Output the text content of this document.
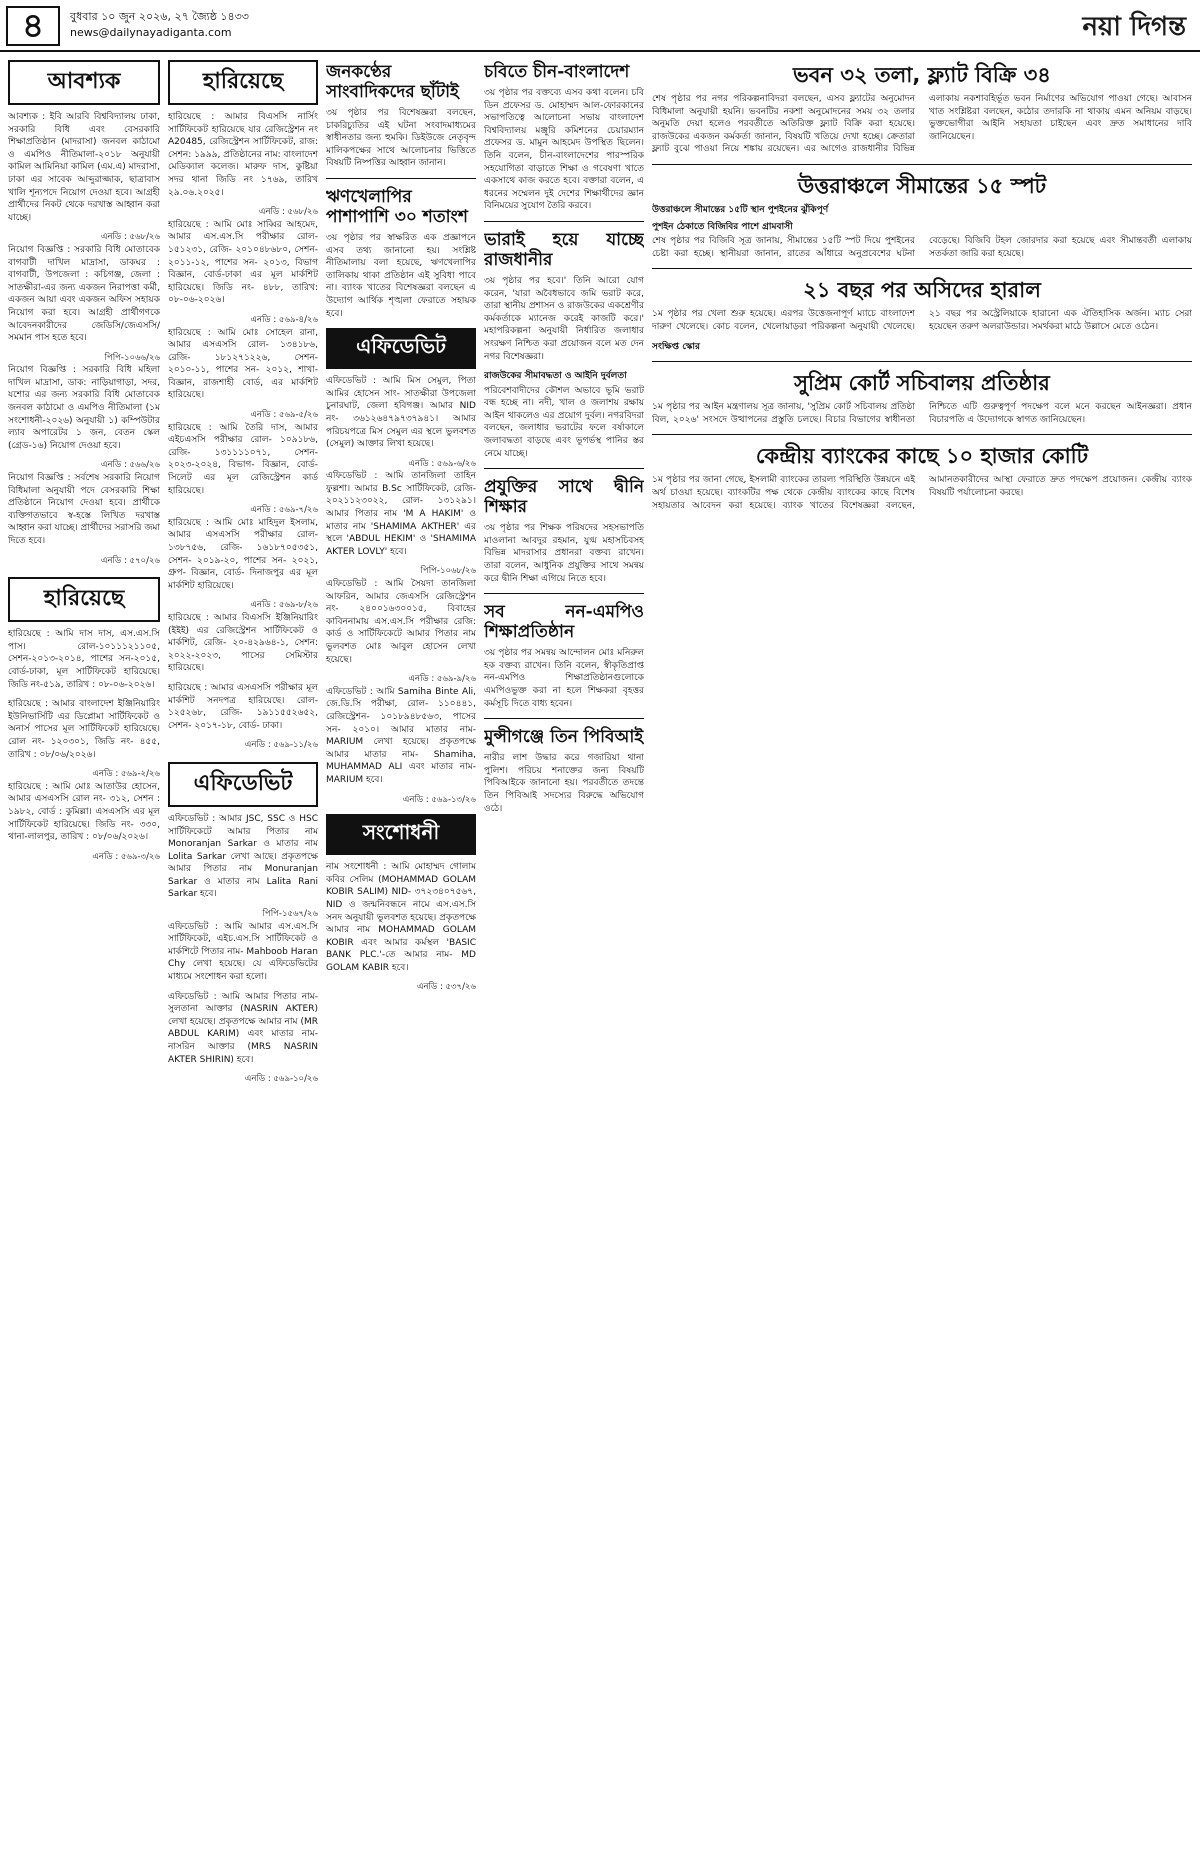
৪	বুধবার ১০ জুন ২০২৬, ২৭ জ্যৈষ্ঠ ১৪৩৩
news@dailynayadiganta.com	নয়া দিগন্ত
আবশ্যক
আবশ্যক : ইবি আরবি বিশ্ববিদ্যালয় ঢাকা, সরকারি বিধি এবং বেসরকারি শিক্ষাপ্রতিষ্ঠান (মাদরাসা) জনবল কাঠামো ও এমপিও নীতিমালা-২০১৮ অনুযায়ী কামিল আমিনিয়া কামিল (এম.এ) মাদরাসা, ঢাকা এর সাবেক আব্দুরাজ্জাক, ছাত্রাবাস খালি শূন্যপদে নিয়োগ দেওয়া হবে। আগ্রহী প্রার্থীদের নিকট থেকে দরখাস্ত আহ্বান করা যাচ্ছে।
এনডি : ৫৬৮/২৬
নিয়োগ বিজ্ঞপ্তি : সরকারি বিধি মোতাবেক বাগবাটী দাখিল মাদ্রাসা, ডাকঘর : বাগবাটী, উপজেলা : কচিগঞ্জ, জেলা : সাতক্ষীরা-এর জন্য একজন নিরাপত্তা কর্মী, একজন আয়া এবং একজন অফিস সহায়ক নিয়োগ করা হবে। আগ্রহী প্রার্থীগণকে আবেদনকারীদের জেডিসি/জেএসসি/সমমান পাস হতে হবে।
পিপি-১০৬৬/২৬
নিয়োগ বিজ্ঞপ্তি : সরকারি বিধি মহিলা দাখিল মাদ্রাসা, ডাক: নাড়িয়াগাড়া, সদর, যশোর এর জন্য সরকারি বিধি মোতাবেক জনবল কাঠামো ও এমপিও নীতিমালা (১ম সংশোধনী-২০২৬) অনুযায়ী ১) কম্পিউটার ল্যাব অপারেটর ১ জন, বেতন স্কেল (গ্রেড-১৬) নিয়োগ দেওয়া হবে।
এনডি : ৫৬৬/২৬
নিয়োগ বিজ্ঞপ্তি : সর্বশেষ সরকারি নিয়োগ বিধিমালা অনুযায়ী পদে বেসরকারি শিক্ষা প্রতিষ্ঠানে নিয়োগ দেওয়া হবে। প্রার্থীকে ব্যক্তিগতভাবে স্ব-হস্তে লিখিত দরখাস্ত আহ্বান করা যাচ্ছে। প্রার্থীদের সরাসরি জমা দিতে হবে।
এনডি : ৫৭০/২৬
হারিয়েছে
হারিয়েছে : আমি দাস দাস, এস.এস.সি পাস। রোল-১০১১১২১১০৫, সেশন-২০১৩-২০১৪, পাশের সন-২০১৫, বোর্ড-ঢাকা, মূল সার্টিফিকেট হারিয়েছে। জিডি নং-৫১৯, তারিখ : ০৮-০৬-২০২৬।
হারিয়েছে : আমার বাংলাদেশ ইঞ্জিনিয়ারিং ইউনিভার্সিটি এর ডিপ্লোমা সার্টিফিকেট ও অনার্স পাসের মূল সার্টিফিকেট হারিয়েছে। রোল নং- ১২০৩০১, জিডি নং- ৪৫৫, তারিখ : ০৮/০৬/২০২৬।
এনডি : ৫৬৯-২/২৬
হারিয়েছে : আমি মোঃ আতাউর হোসেন, আমার এসএসসি রোল নং- ৩১২, সেশন : ১৯৮২, বোর্ড : কুমিল্লা। এসএসসি এর মূল সার্টিফিকেট হারিয়েছে। জিডি নং- ৩৩০, থানা-লালপুর, তারিখ : ০৮/০৬/২০২৬।
এনডি : ৫৬৯-৩/২৬
হারিয়েছে
হারিয়েছে : আমার বিএসসি নার্সিং সার্টিফিকেট হারিয়েছে যার রেজিস্ট্রেশন নং A20485, রেজিস্ট্রেশন সার্টিফিকেট, রাজ: সেশন: ১৯৯৯, প্রতিষ্ঠানের নাম: বাংলাদেশ মেডিক্যাল কলেজ। মারুফ দাস, কুষ্টিয়া সদর থানা জিডি নং ১৭৬৯, তারিখ ২৯.০৬.২০২৫।
এনডি : ৫৬৮/২৬
হারিয়েছে : আমি মোঃ সাব্বির আহমেদ, আমার এস.এস.সি পরীক্ষার রোল- ১৫১২৩১, রেজি- ২০১০৪৮৬৮০, সেশন- ২০১১-১২, পাশের সন- ২০১৩, বিভাগ বিজ্ঞান, বোর্ড-ঢাকা এর মূল মার্কশিট হারিয়েছে। জিডি নং- ৪৮৮, তারিখ: ০৮-০৬-২০২৬।
এনডি : ৫৬৯-৪/২৬
হারিয়েছে : আমি মোঃ সোহেল রানা, আমার এসএসসি রোল- ১৩৪১৮৬, রেজি- ১৮১২৭১২২৬, সেশন- ২০১০-১১, পাশের সন- ২০১২, শাখা- বিজ্ঞান, রাজশাহী বোর্ড, এর মার্কশিট হারিয়েছে।
এনডি : ৫৬৯-৫/২৬
হারিয়েছে : আমি তৈরি দাস, আমার এইচএসসি পরীক্ষার রোল- ১০৯১৮৬, রেজি- ১৩১১১১০৭১, সেশন- ২০২৩-২০২৪, বিভাগ- বিজ্ঞান, বোর্ড- সিলেট এর মূল রেজিস্ট্রেশন কার্ড হারিয়েছে।
এনডি : ৫৬৯-৭/২৬
হারিয়েছে : আমি মোঃ মাহিদুল ইসলাম, আমার এসএসসি পরীক্ষার রোল- ১৩৮৭৫৬, রেজি- ১৬১৮৭০৫৩৫১, সেশন- ২০১৯-২০, পাশের সন- ২০২১, গ্রুপ- বিজ্ঞান, বোর্ড- দিনাজপুর এর মূল মার্কশিট হারিয়েছে।
এনডি : ৫৬৯-৮/২৬
হারিয়েছে : আমার বিএসসি ইঞ্জিনিয়ারিং (ইইই) এর রেজিস্ট্রেশন সার্টিফিকেট ও মার্কশিট, রেজি- ২০-৪২৯৬৪-১, সেশন: ২০২২-২০২৩, পাসের সেমিস্টার হারিয়েছে।
হারিয়েছে : আমার এসএসসি পরীক্ষার মূল মার্কশিট সনদপত্র হারিয়েছে। রোল- ১২৫২৬৮, রেজি- ১৯১১৫৫২৬৫২, সেশন- ২০১৭-১৮, বোর্ড- ঢাকা।
এনডি : ৫৬৯-১১/২৬
এফিডেভিট
এফিডেভিট : আমার JSC, SSC ও HSC সার্টিফিকেটে আমার পিতার নাম Monoranjan Sarkar ও মাতার নাম Lolita Sarkar লেখা আছে। প্রকৃতপক্ষে আমার পিতার নাম Monuranjan Sarkar ও মাতার নাম Lalita Rani Sarkar হবে।
পিপি-১৫৬৭/২৬
এফিডেভিট : আমি আমার এস.এস.সি সার্টিফিকেট, এইচ.এস.সি সার্টিফিকেট ও মার্কশিটে পিতার নাম- Mahboob Haran Chy লেখা হয়েছে। যে এফিডেভিটের মাধ্যমে সংশোধন করা হলো।
এফিডেভিট : আমি আমার পিতার নাম- সুলতানা আক্তার (NASRIN AKTER) লেখা হয়েছে। প্রকৃতপক্ষে আমার নাম (MR ABDUL KARIM) এবং মাতার নাম- নাসরিন আক্তার (MRS NASRIN AKTER SHIRIN) হবে।
এনডি : ৫৬৯-১০/২৬
জনকণ্ঠের সাংবাদিকদের ছাঁটাই
৩য় পৃষ্ঠার পর বিশেষজ্ঞরা বলছেন, চাকরিচ্যুতির এই ঘটনা সংবাদমাধ্যমের স্বাধীনতার জন্য হুমকি। ডিইউজে নেতৃবৃন্দ মালিকপক্ষের সাথে আলোচনার ভিত্তিতে বিষয়টি নিষ্পত্তির আহ্বান জানান।
ঋণখেলাপির পাশাপাশি ৩০ শতাংশ
৩য় পৃষ্ঠার পর স্বাক্ষরিত এক প্রজ্ঞাপনে এসব তথ্য জানানো হয়। সংশ্লিষ্ট নীতিমালায় বলা হয়েছে, ঋণখেলাপির তালিকায় থাকা প্রতিষ্ঠান এই সুবিধা পাবে না। ব্যাংক খাতের বিশেষজ্ঞরা বলছেন এ উদ্যোগ আর্থিক শৃঙ্খলা ফেরাতে সহায়ক হবে।
এফিডেভিট
এফিডেভিট : আমি মিস সেমুল, পিতা আমির হোসেন সাং- সাতক্ষীরা উপজেলা চুনারঘাট, জেলা হবিগঞ্জ। আমার NID নং- ৩৬১২৬৪৭৯৭৩৭৯৪১। আমার পরিচয়পত্রে মিস সেমুল এর স্থলে ভুলবশত (সেমুল) আক্তার লিখা হয়েছে।
এনডি : ৫৬৯-৬/২৬
এফিডেভিট : আমি তানজিলা তাহিন ফুল্লশা। আমার B.Sc সার্টিফিকেট, রেজি- ২০২১১২৩০২২, রোল- ১৩১২৯১। আমার পিতার নাম 'M A HAKIM' ও মাতার নাম 'SHAMIMA AKTHER' এর স্থলে 'ABDUL HEKIM' ও 'SHAMIMA AKTER LOVLY' হবে।
পিপি-১০৬৮/২৬
এফিডেভিট : আমি সৈয়দা তানজিলা আফরিন, আমার জেএসসি রেজিস্ট্রেশন নং- ২৪০০১৬৩০০১৫, বিবাহের কাবিননামায় এস.এস.সি পরীক্ষার রেজি: কার্ড ও সার্টিফিকেটে আমার পিতার নাম ভুলবশত মোঃ আবুল হোসেন লেখা হয়েছে।
এনডি : ৫৬৯-৯/২৬
এফিডেভিট : আমি Samiha Binte Ali, জে.ডি.সি পরীক্ষা, রোল- ১১০৪৪১, রেজিস্ট্রেশন- ১০১৮৯৪৮৫৬৩, পাসের সন- ২০১০। আমার মাতার নাম- MARIUM লেখা হয়েছে। প্রকৃতপক্ষে আমার মাতার নাম- Shamiha, MUHAMMAD ALI এবং মাতার নাম- MARIUM হবে।
এনডি : ৫৬৯-১৩/২৬
সংশোধনী
নাম সংশোধনী : আমি মোহাম্মদ গোলাম কবির সেলিম (MOHAMMAD GOLAM KOBIR SALIM) NID- ৩৭২৩৪০৭৫৬৭, NID ও জন্মনিবন্ধনে নামে এস.এস.সি সনদ অনুযায়ী ভুলবশত হয়েছে। প্রকৃতপক্ষে আমার নাম MOHAMMAD GOLAM KOBIR এবং আমার কর্মস্থল 'BASIC BANK PLC.'-তে আমার নাম- MD GOLAM KABIR হবে।
এনডি : ৫৩৭/২৬
চবিতে চীন-বাংলাদেশ
৩য় পৃষ্ঠার পর বক্তব্যে এসব কথা বলেন। চবি ডিন প্রফেসর ড. মোহাম্মদ আল-ফোরকানের সভাপতিত্বে আলোচনা সভায় বাংলাদেশ বিশ্ববিদ্যালয় মঞ্জুরি কমিশনের চেয়ারম্যান প্রফেসর ড. মামুন আহমেদ উপস্থিত ছিলেন। তিনি বলেন, চীন-বাংলাদেশের পারস্পরিক সহযোগিতা বাড়াতে শিক্ষা ও গবেষণা খাতে একসাথে কাজ করতে হবে। বক্তারা বলেন, এ ধরনের সম্মেলন দুই দেশের শিক্ষার্থীদের জ্ঞান বিনিময়ের সুযোগ তৈরি করবে।
ভারাই হয়ে যাচ্ছে রাজধানীর
৩য় পৃষ্ঠার পর হবে।' তিনি আরো যোগ করেন, 'যারা অবৈধভাবে জমি ভরাট করে, তারা স্থানীয় প্রশাসন ও রাজউকের একশ্রেণীর কর্মকর্তাকে ম্যানেজ করেই কাজটি করে।' মহাপরিকল্পনা অনুযায়ী নির্ধারিত জলাধার সংরক্ষণ নিশ্চিত করা প্রয়োজন বলে মত দেন নগর বিশেষজ্ঞরা।
রাজউকের সীমাবদ্ধতা ও আইনি দুর্বলতা
পরিবেশবাদীদের কৌশল অভাবে ভূমি ভরাট বন্ধ হচ্ছে না। নদী, খাল ও জলাশয় রক্ষায় আইন থাকলেও এর প্রয়োগ দুর্বল। নগরবিদরা বলছেন, জলাধার ভরাটের ফলে বর্ষাকালে জলাবদ্ধতা বাড়ছে এবং ভূগর্ভস্থ পানির স্তর নেমে যাচ্ছে।
প্রযুক্তির সাথে দ্বীনি শিক্ষার
৩য় পৃষ্ঠার পর শিক্ষক পরিষদের সহসভাপতি মাওলানা আবদুর রহমান, যুগ্ম মহাসচিবসহ বিভিন্ন মাদরাসার প্রধানরা বক্তব্য রাখেন। তারা বলেন, আধুনিক প্রযুক্তির সাথে সমন্বয় করে দ্বীনি শিক্ষা এগিয়ে নিতে হবে।
সব নন-এমপিও শিক্ষাপ্রতিষ্ঠান
৩য় পৃষ্ঠার পর সমন্বয় আন্দোলন মোঃ মনিরুল হক বক্তব্য রাখেন। তিনি বলেন, স্বীকৃতিপ্রাপ্ত নন-এমপিও শিক্ষাপ্রতিষ্ঠানগুলোকে এমপিওভুক্ত করা না হলে শিক্ষকরা বৃহত্তর কর্মসূচি দিতে বাধ্য হবেন।
মুন্সীগঞ্জে তিন পিবিআই
নারীর লাশ উদ্ধার করে গজারিয়া থানা পুলিশ। পরিচয় শনাক্তের জন্য বিষয়টি পিবিআইকে জানানো হয়। পরবর্তীতে তদন্তে তিন পিবিআই সদস্যের বিরুদ্ধে অভিযোগ ওঠে।
ভবন ৩২ তলা, ফ্ল্যাট বিক্রি ৩৪
শেষ পৃষ্ঠার পর নগর পরিকল্পনাবিদরা বলছেন, এসব ফ্ল্যাটের অনুমোদন বিধিমালা অনুযায়ী হয়নি। ভবনটির নকশা অনুমোদনের সময় ৩২ তলার অনুমতি দেয়া হলেও পরবর্তীতে অতিরিক্ত ফ্ল্যাট বিক্রি করা হয়েছে। রাজউকের একজন কর্মকর্তা জানান, বিষয়টি খতিয়ে দেখা হচ্ছে। ক্রেতারা ফ্ল্যাট বুঝে পাওয়া নিয়ে শঙ্কায় রয়েছেন। এর আগেও রাজধানীর বিভিন্ন এলাকায় নকশাবহির্ভূত ভবন নির্মাণের অভিযোগ পাওয়া গেছে। আবাসন খাত সংশ্লিষ্টরা বলছেন, কঠোর তদারকি না থাকায় এমন অনিয়ম বাড়ছে। ভুক্তভোগীরা আইনি সহায়তা চাইছেন এবং দ্রুত সমাধানের দাবি জানিয়েছেন।
উত্তরাঞ্চলে সীমান্তের ১৫ স্পট
উত্তরাঞ্চলে সীমান্তের ১৫টি স্থান পুশইনের ঝুঁকিপূর্ণ
পুশইন ঠেকাতে বিজিবির পাশে গ্রামবাসী
শেষ পৃষ্ঠার পর বিজিবি সূত্র জানায়, সীমান্তের ১৫টি স্পট দিয়ে পুশইনের চেষ্টা করা হচ্ছে। স্থানীয়রা জানান, রাতের আঁধারে অনুপ্রবেশের ঘটনা বেড়েছে। বিজিবি টহল জোরদার করা হয়েছে এবং সীমান্তবর্তী এলাকায় সতর্কতা জারি করা হয়েছে।
২১ বছর পর অসিদের হারাল
১ম পৃষ্ঠার পর খেলা শুরু হয়েছে। এরপর উত্তেজনাপূর্ণ ম্যাচে বাংলাদেশ দারুণ খেলেছে। কোচ বলেন, খেলোয়াড়রা পরিকল্পনা অনুযায়ী খেলেছে। ২১ বছর পর অস্ট্রেলিয়াকে হারানো এক ঐতিহাসিক অর্জন। ম্যাচ সেরা হয়েছেন তরুণ অলরাউন্ডার। সমর্থকরা মাঠে উল্লাসে মেতে ওঠেন।
সংক্ষিপ্ত স্কোর
সুপ্রিম কোর্ট সচিবালয় প্রতিষ্ঠার
১ম পৃষ্ঠার পর আইন মন্ত্রণালয় সূত্র জানায়, 'সুপ্রিম কোর্ট সচিবালয় প্রতিষ্ঠা বিল, ২০২৬' সংসদে উত্থাপনের প্রস্তুতি চলছে। বিচার বিভাগের স্বাধীনতা নিশ্চিতে এটি গুরুত্বপূর্ণ পদক্ষেপ বলে মনে করছেন আইনজ্ঞরা। প্রধান বিচারপতি এ উদ্যোগকে স্বাগত জানিয়েছেন।
কেন্দ্রীয় ব্যাংকের কাছে ১০ হাজার কোটি
১ম পৃষ্ঠার পর জানা গেছে, ইসলামী ব্যাংকের তারল্য পরিস্থিতি উন্নয়নে এই অর্থ চাওয়া হয়েছে। ব্যাংকটির পক্ষ থেকে কেন্দ্রীয় ব্যাংকের কাছে বিশেষ সহায়তার আবেদন করা হয়েছে। ব্যাংক খাতের বিশেষজ্ঞরা বলছেন, আমানতকারীদের আস্থা ফেরাতে দ্রুত পদক্ষেপ প্রয়োজন। কেন্দ্রীয় ব্যাংক বিষয়টি পর্যালোচনা করছে।
